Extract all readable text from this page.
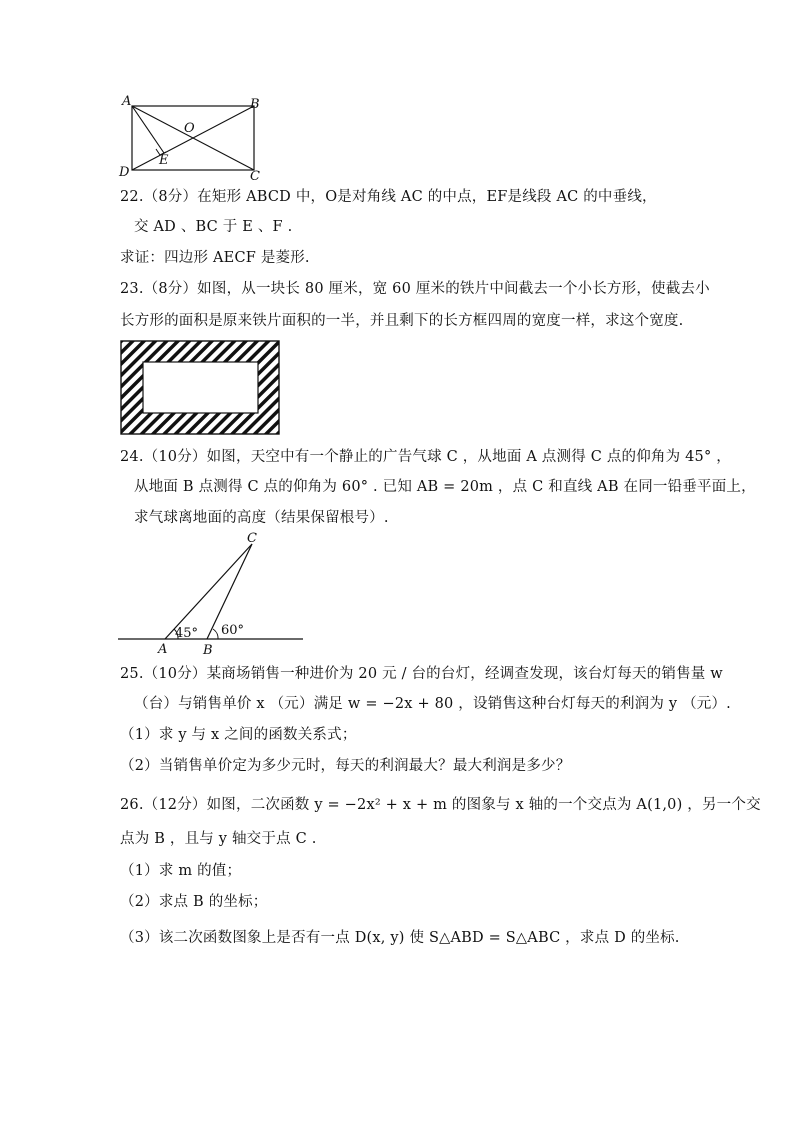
A	B
C
D
O
E
22.（8分）在矩形 ABCD 中，O是对角线 AC 的中点，EF是线段 AC 的中垂线，
交 AD 、BC 于 E 、F .
求证：四边形 AECF 是菱形.
23.（8分）如图，从一块长 80 厘米，宽 60 厘米的铁片中间截去一个小长方形，使截去小
长方形的面积是原来铁片面积的一半，并且剩下的长方框四周的宽度一样，求这个宽度.
24.（10分）如图，天空中有一个静止的广告气球 C ，从地面 A 点测得 C 点的仰角为 45° ，
从地面 B 点测得 C 点的仰角为 60° . 已知 AB = 20m ，点 C 和直线 AB 在同一铅垂平面上，
求气球离地面的高度（结果保留根号）.
C
A	B
45° 60°
25.（10分）某商场销售一种进价为 20 元 / 台的台灯，经调查发现，该台灯每天的销售量 w
（台）与销售单价 x （元）满足 w = −2x + 80 ，设销售这种台灯每天的利润为 y （元）.
（1）求 y 与 x 之间的函数关系式；
（2）当销售单价定为多少元时，每天的利润最大？最大利润是多少？
26.（12分）如图，二次函数 y = −2x² + x + m 的图象与 x 轴的一个交点为 A(1,0) ，另一个交
点为 B ，且与 y 轴交于点 C .
（1）求 m 的值；
（2）求点 B 的坐标；
（3）该二次函数图象上是否有一点 D(x, y) 使 S△ABD = S△ABC ，求点 D 的坐标.
